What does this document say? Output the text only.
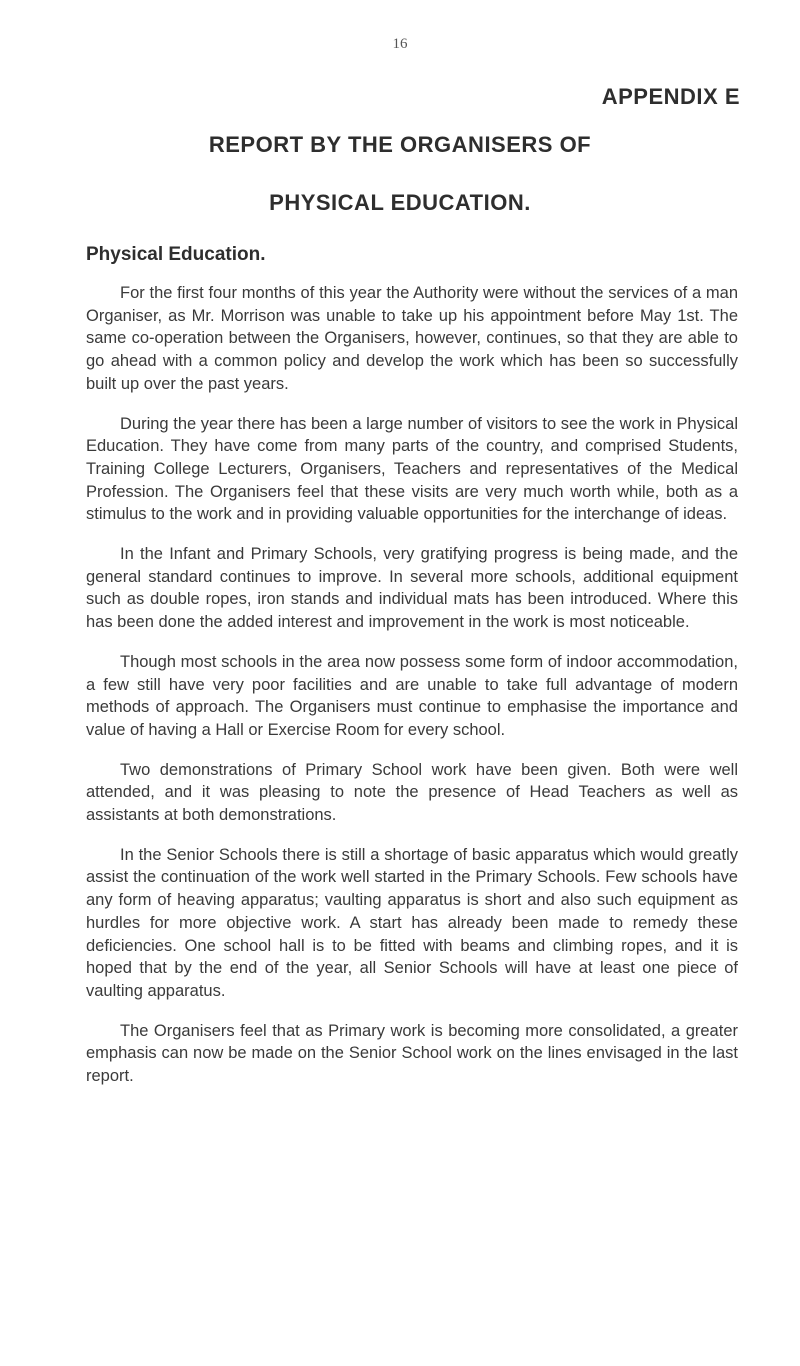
16
APPENDIX E
REPORT BY THE ORGANISERS OF
PHYSICAL EDUCATION.
Physical Education.

For the first four months of this year the Authority were without the services of a man Organiser, as Mr. Morrison was unable to take up his appointment before May 1st. The same co-operation between the Organisers, however, continues, so that they are able to go ahead with a common policy and develop the work which has been so successfully built up over the past years.

During the year there has been a large number of visitors to see the work in Physical Education. They have come from many parts of the country, and comprised Students, Training College Lecturers, Organisers, Teachers and representatives of the Medical Profession. The Organisers feel that these visits are very much worth while, both as a stimulus to the work and in providing valuable opportunities for the interchange of ideas.

In the Infant and Primary Schools, very gratifying progress is being made, and the general standard continues to improve. In several more schools, additional equipment such as double ropes, iron stands and individual mats has been introduced. Where this has been done the added interest and improvement in the work is most noticeable.

Though most schools in the area now possess some form of indoor accommodation, a few still have very poor facilities and are unable to take full advantage of modern methods of approach. The Organisers must continue to emphasise the importance and value of having a Hall or Exercise Room for every school.

Two demonstrations of Primary School work have been given. Both were well attended, and it was pleasing to note the presence of Head Teachers as well as assistants at both demonstrations.

In the Senior Schools there is still a shortage of basic apparatus which would greatly assist the continuation of the work well started in the Primary Schools. Few schools have any form of heaving apparatus; vaulting apparatus is short and also such equipment as hurdles for more objective work. A start has already been made to remedy these deficiencies. One school hall is to be fitted with beams and climbing ropes, and it is hoped that by the end of the year, all Senior Schools will have at least one piece of vaulting apparatus.

The Organisers feel that as Primary work is becoming more consolidated, a greater emphasis can now be made on the Senior School work on the lines envisaged in the last report.
